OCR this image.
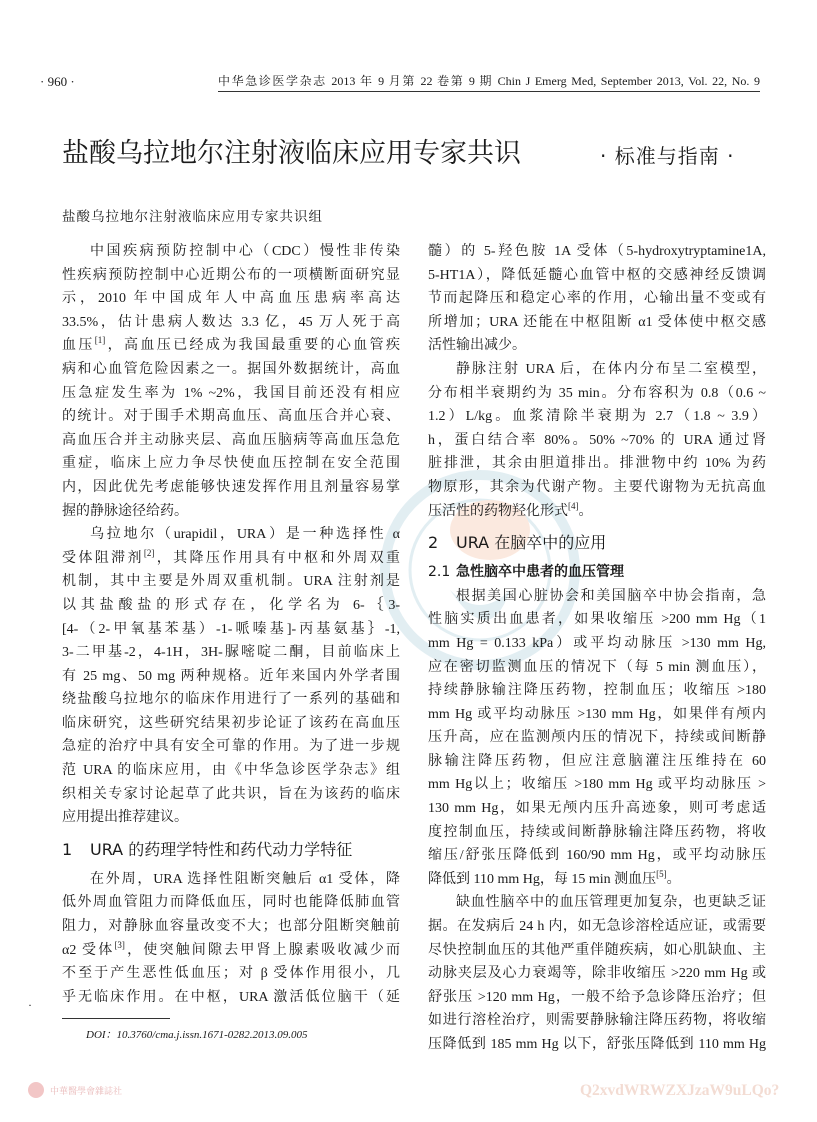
· 960 ·	中华急诊医学杂志 2013 年 9 月第 22 卷第 9 期 Chin J Emerg Med, September 2013, Vol. 22, No. 9
· 标准与指南 ·
盐酸乌拉地尔注射液临床应用专家共识
盐酸乌拉地尔注射液临床应用专家共识组
中国疾病预防控制中心（CDC）慢性非传染
性疾病预防控制中心近期公布的一项横断面研究显
示，2010 年中国成年人中高血压患病率高达
33.5%，估计患病人数达 3.3 亿，45 万人死于高
血压[1]，高血压已经成为我国最重要的心血管疾
病和心血管危险因素之一。据国外数据统计，高血
压急症发生率为 1% ~2%，我国目前还没有相应
的统计。对于围手术期高血压、高血压合并心衰、
高血压合并主动脉夹层、高血压脑病等高血压急危
重症，临床上应力争尽快使血压控制在安全范围
内，因此优先考虑能够快速发挥作用且剂量容易掌
握的静脉途径给药。
乌拉地尔（urapidil，URA）是一种选择性 α
受体阻滞剂[2]，其降压作用具有中枢和外周双重
机制，其中主要是外周双重机制。URA 注射剂是
以其盐酸盐的形式存在，化学名为 6-｛3-
[4-（2-甲氧基苯基）-1-哌嗪基]-丙基氨基｝-1,
3-二甲基-2，4-1H，3H-脲嘧啶二酮，目前临床上
有 25 mg、50 mg 两种规格。近年来国内外学者围
绕盐酸乌拉地尔的临床作用进行了一系列的基础和
临床研究，这些研究结果初步论证了该药在高血压
急症的治疗中具有安全可靠的作用。为了进一步规
范 URA 的临床应用，由《中华急诊医学杂志》组
织相关专家讨论起草了此共识，旨在为该药的临床
应用提出推荐建议。
1 URA 的药理学特性和药代动力学特征
在外周，URA 选择性阻断突触后 α1 受体，降
低外周血管阻力而降低血压，同时也能降低肺血管
阻力，对静脉血容量改变不大；也部分阻断突触前
α2 受体[3]，使突触间隙去甲肾上腺素吸收减少而
不至于产生恶性低血压；对 β 受体作用很小，几
乎无临床作用。在中枢，URA 激活低位脑干（延
髓）的 5-羟色胺 1A 受体（5-hydroxytryptamine1A,
5-HT1A），降低延髓心血管中枢的交感神经反馈调
节而起降压和稳定心率的作用，心输出量不变或有
所增加；URA 还能在中枢阻断 α1 受体使中枢交感
活性输出减少。
静脉注射 URA 后，在体内分布呈二室模型，
分布相半衰期约为 35 min。分布容积为 0.8（0.6 ~
1.2）L/kg。血浆清除半衰期为 2.7（1.8 ~ 3.9）
h，蛋白结合率 80%。50% ~70% 的 URA 通过肾
脏排泄，其余由胆道排出。排泄物中约 10% 为药
物原形，其余为代谢产物。主要代谢物为无抗高血
压活性的药物羟化形式[4]。
2 URA 在脑卒中的应用
2.1 急性脑卒中患者的血压管理
根据美国心脏协会和美国脑卒中协会指南，急
性脑实质出血患者，如果收缩压 >200 mm Hg（1
mm Hg = 0.133 kPa）或平均动脉压 >130 mm Hg,
应在密切监测血压的情况下（每 5 min 测血压），
持续静脉输注降压药物，控制血压；收缩压 >180
mm Hg 或平均动脉压 >130 mm Hg，如果伴有颅内
压升高，应在监测颅内压的情况下，持续或间断静
脉输注降压药物，但应注意脑灌注压维持在 60
mm Hg以上；收缩压 >180 mm Hg 或平均动脉压 >
130 mm Hg，如果无颅内压升高迹象，则可考虑适
度控制血压，持续或间断静脉输注降压药物，将收
缩压/舒张压降低到 160/90 mm Hg，或平均动脉压
降低到 110 mm Hg，每 15 min 测血压[5]。
缺血性脑卒中的血压管理更加复杂，也更缺乏证
据。在发病后 24 h 内，如无急诊溶栓适应证，或需要
尽快控制血压的其他严重伴随疾病，如心肌缺血、主
动脉夹层及心力衰竭等，除非收缩压 >220 mm Hg 或
舒张压 >120 mm Hg，一般不给予急诊降压治疗；但
如进行溶栓治疗，则需要静脉输注降压药物，将收缩
压降低到 185 mm Hg 以下，舒张压降低到 110 mm Hg
·
DOI：10.3760/cma.j.issn.1671-0282.2013.09.005
中華醫學會雜誌社	Q2xvdWRWZXJzaW9uLQo?
